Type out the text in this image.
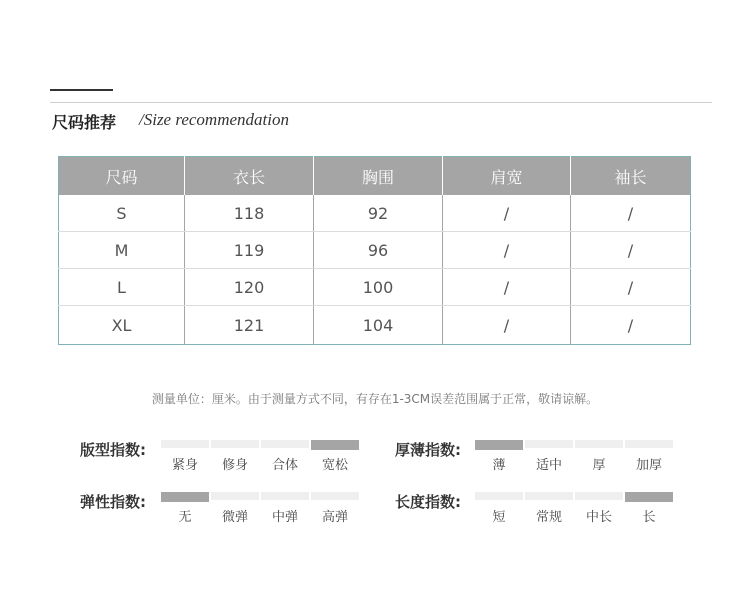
尺码推荐 /Size recommendation
尺码	衣长	胸围	肩宽	袖长
S	118	92	/	/
M	119	96	/	/
L	120	100	/	/
XL	121	104	/	/
测量单位：厘米。由于测量方式不同，有存在1-3CM误差范围属于正常，敬请谅解。
版型指数:
紧身	修身	合体	宽松
厚薄指数:
薄	适中	厚	加厚
弹性指数:
无	微弹	中弹	高弹
长度指数:
短	常规	中长	长
